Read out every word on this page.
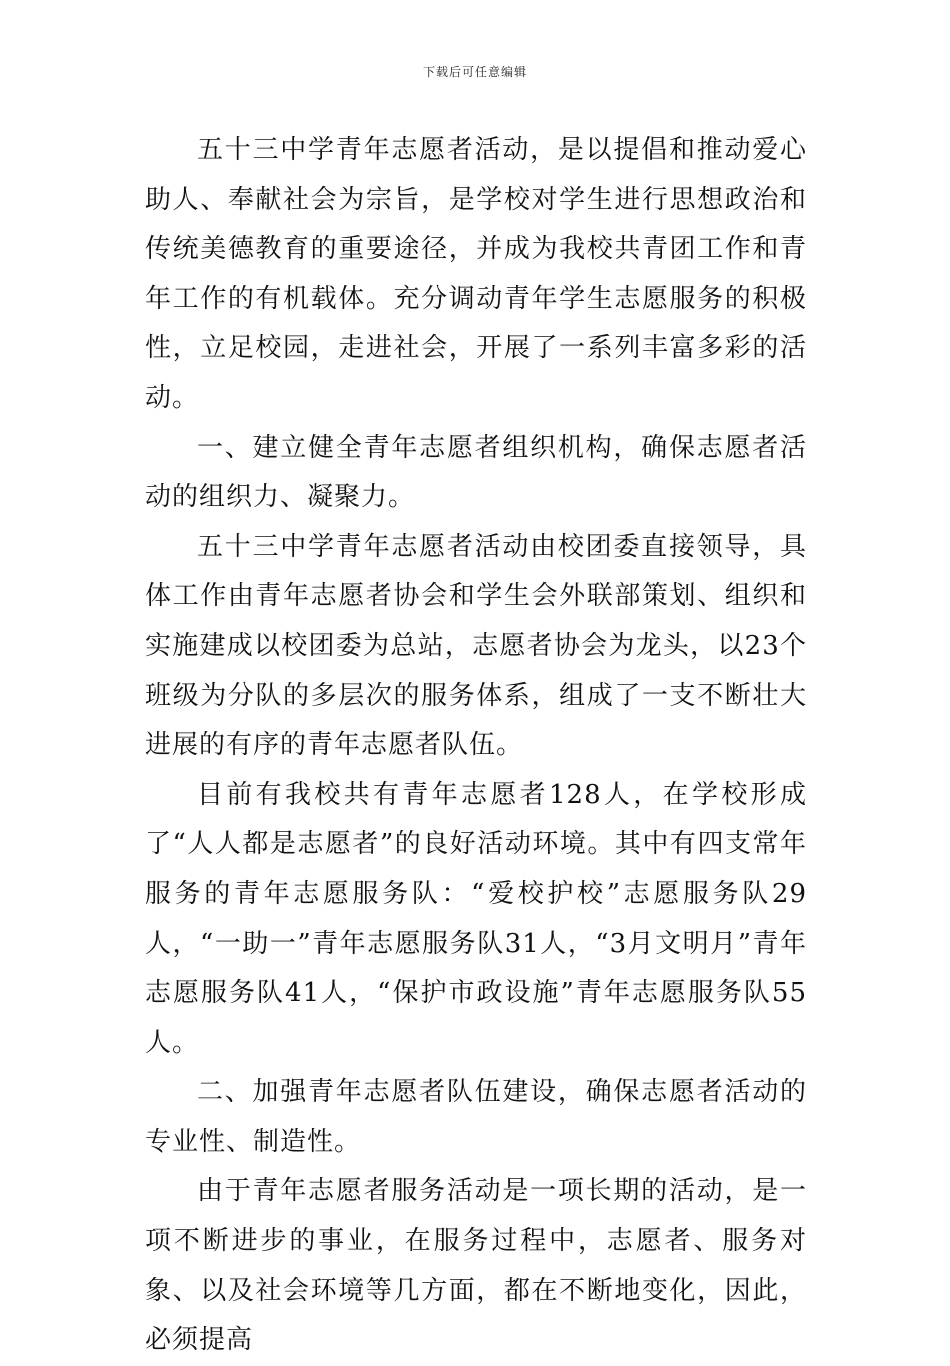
下载后可任意编辑

五十三中学青年志愿者活动，是以提倡和推动爱心助人、奉献社会为宗旨，是学校对学生进行思想政治和传统美德教育的重要途径，并成为我校共青团工作和青年工作的有机载体。充分调动青年学生志愿服务的积极性，立足校园，走进社会，开展了一系列丰富多彩的活动。

一、建立健全青年志愿者组织机构，确保志愿者活动的组织力、凝聚力。

五十三中学青年志愿者活动由校团委直接领导，具体工作由青年志愿者协会和学生会外联部策划、组织和实施建成以校团委为总站，志愿者协会为龙头，以23个班级为分队的多层次的服务体系，组成了一支不断壮大进展的有序的青年志愿者队伍。

目前有我校共有青年志愿者128人，在学校形成了“人人都是志愿者”的良好活动环境。其中有四支常年服务的青年志愿服务队：“爱校护校”志愿服务队29人，“一助一”青年志愿服务队31人，“3月文明月”青年志愿服务队41人，“保护市政设施”青年志愿服务队55人。

二、加强青年志愿者队伍建设，确保志愿者活动的专业性、制造性。

由于青年志愿者服务活动是一项长期的活动，是一项不断进步的事业，在服务过程中，志愿者、服务对象、以及社会环境等几方面，都在不断地变化，因此，必须提高
